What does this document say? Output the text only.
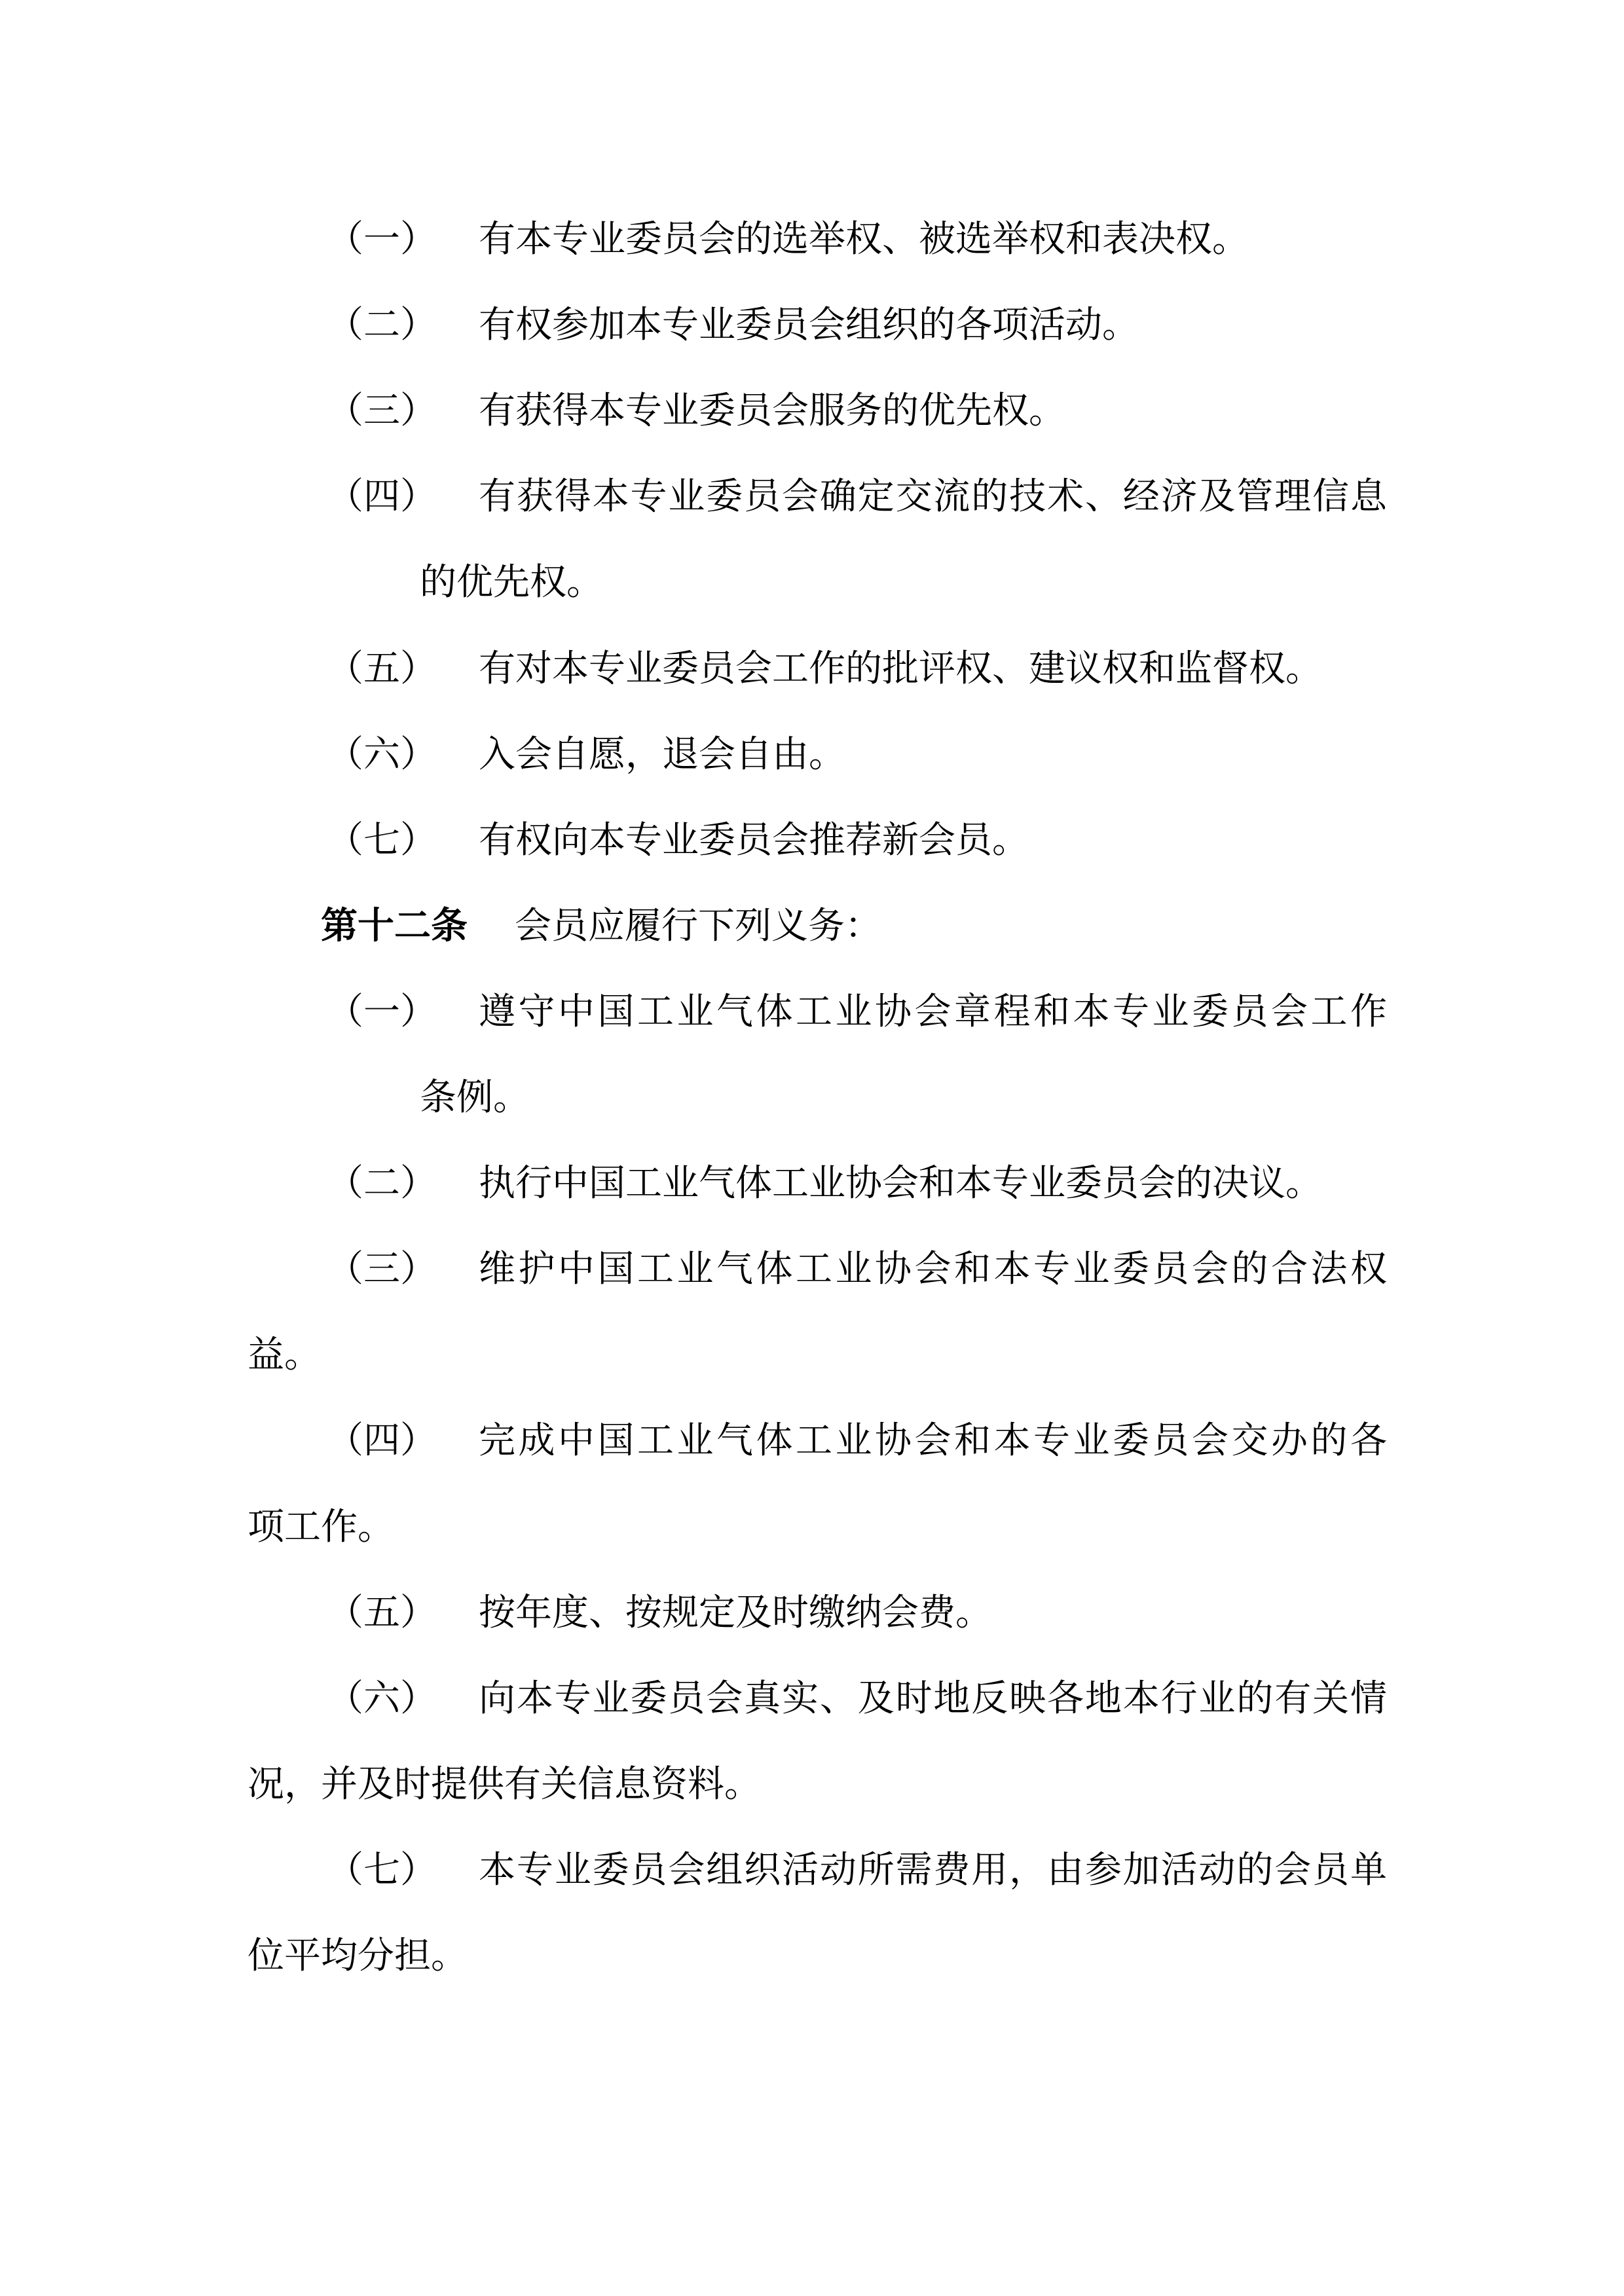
（一） 有本专业委员会的选举权、被选举权和表决权。
（二） 有权参加本专业委员会组织的各项活动。
（三） 有获得本专业委员会服务的优先权。
（四） 有获得本专业委员会确定交流的技术、经济及管理信息
的优先权。
（五） 有对本专业委员会工作的批评权、建议权和监督权。
（六） 入会自愿，退会自由。
（七） 有权向本专业委员会推荐新会员。
第十二条 会员应履行下列义务：
（一） 遵守中国工业气体工业协会章程和本专业委员会工作
条例。
（二） 执行中国工业气体工业协会和本专业委员会的决议。
（三） 维护中国工业气体工业协会和本专业委员会的合法权
益。
（四） 完成中国工业气体工业协会和本专业委员会交办的各
项工作。
（五） 按年度、按规定及时缴纳会费。
（六） 向本专业委员会真实、及时地反映各地本行业的有关情
况，并及时提供有关信息资料。
（七） 本专业委员会组织活动所需费用，由参加活动的会员单
位平均分担。
